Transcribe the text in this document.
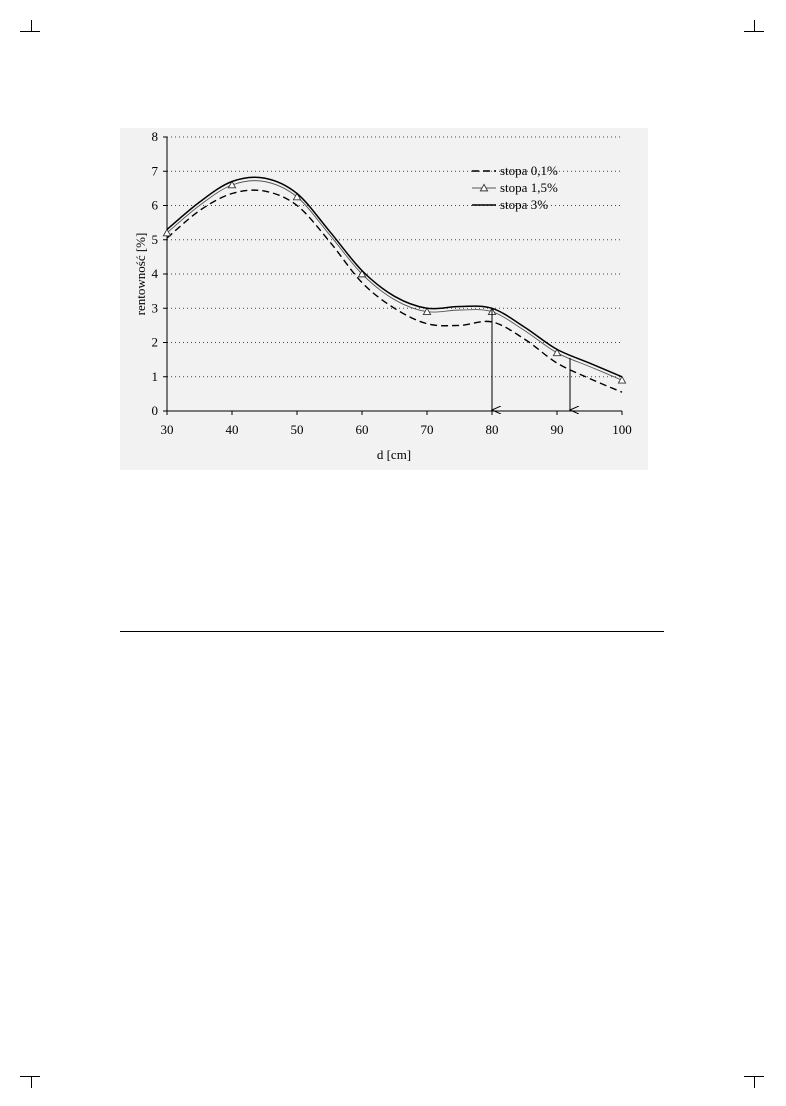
0
1
2
3
4
5
6
7
8
30	40	50	60	70	80	90	100
stopa 0,1%
stopa 1,5%
stopa 3%
d [cm]
rentowność [%]
